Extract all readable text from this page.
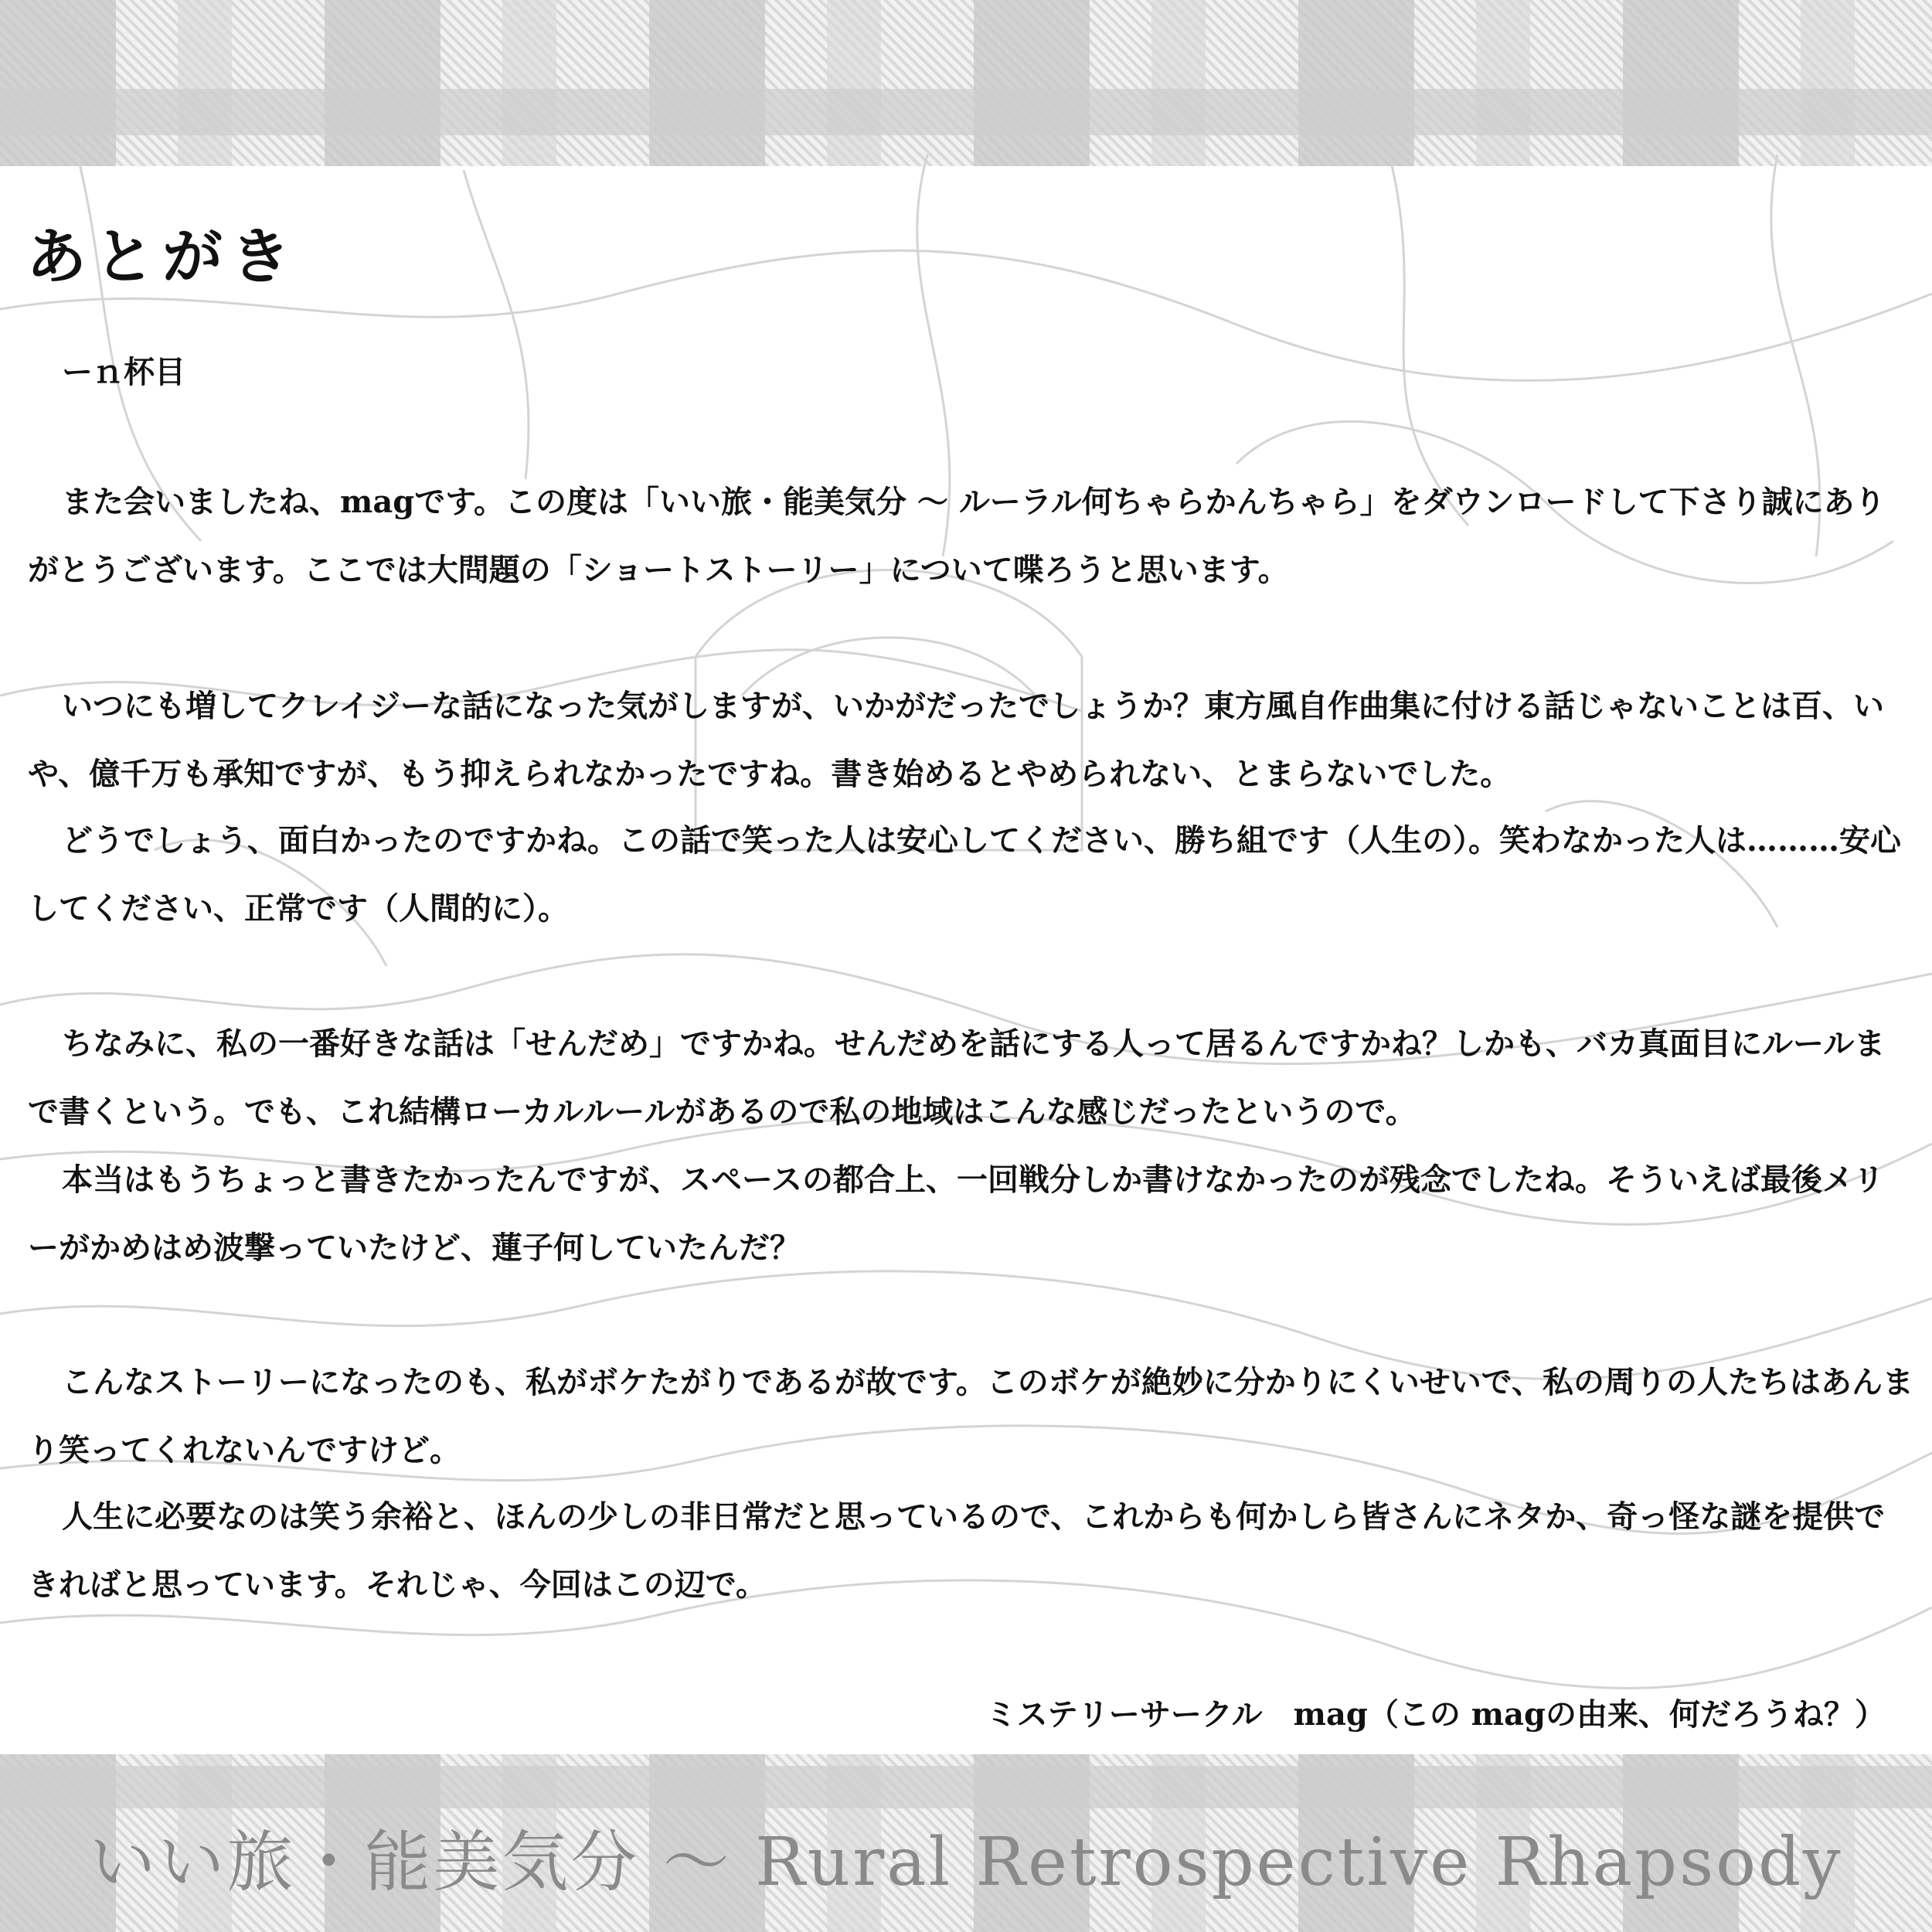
あとがき
ーｎ杯目

また会いましたね、magです。この度は「いい旅・能美気分 ～ ルーラル何ちゃらかんちゃら」をダウンロードして下さり誠にありがとうございます。ここでは大問題の「ショートストーリー」について喋ろうと思います。

いつにも増してクレイジーな話になった気がしますが、いかがだったでしょうか？東方風自作曲集に付ける話じゃないことは百、いや、億千万も承知ですが、もう抑えられなかったですね。書き始めるとやめられない、とまらないでした。

どうでしょう、面白かったのですかね。この話で笑った人は安心してください、勝ち組です（人生の）。笑わなかった人は………安心してください、正常です（人間的に）。

ちなみに、私の一番好きな話は「せんだめ」ですかね。せんだめを話にする人って居るんですかね？しかも、バカ真面目にルールまで書くという。でも、これ結構ローカルルールがあるので私の地域はこんな感じだったというので。

本当はもうちょっと書きたかったんですが、スペースの都合上、一回戦分しか書けなかったのが残念でしたね。そういえば最後メリーがかめはめ波撃っていたけど、蓮子何していたんだ？

こんなストーリーになったのも、私がボケたがりであるが故です。このボケが絶妙に分かりにくいせいで、私の周りの人たちはあんまり笑ってくれないんですけど。

人生に必要なのは笑う余裕と、ほんの少しの非日常だと思っているので、これからも何かしら皆さんにネタか、奇っ怪な謎を提供できればと思っています。それじゃ、今回はこの辺で。

ミステリーサークル　mag（この magの由来、何だろうね？）
いい旅・能美気分 ～ Rural Retrospective Rhapsody
